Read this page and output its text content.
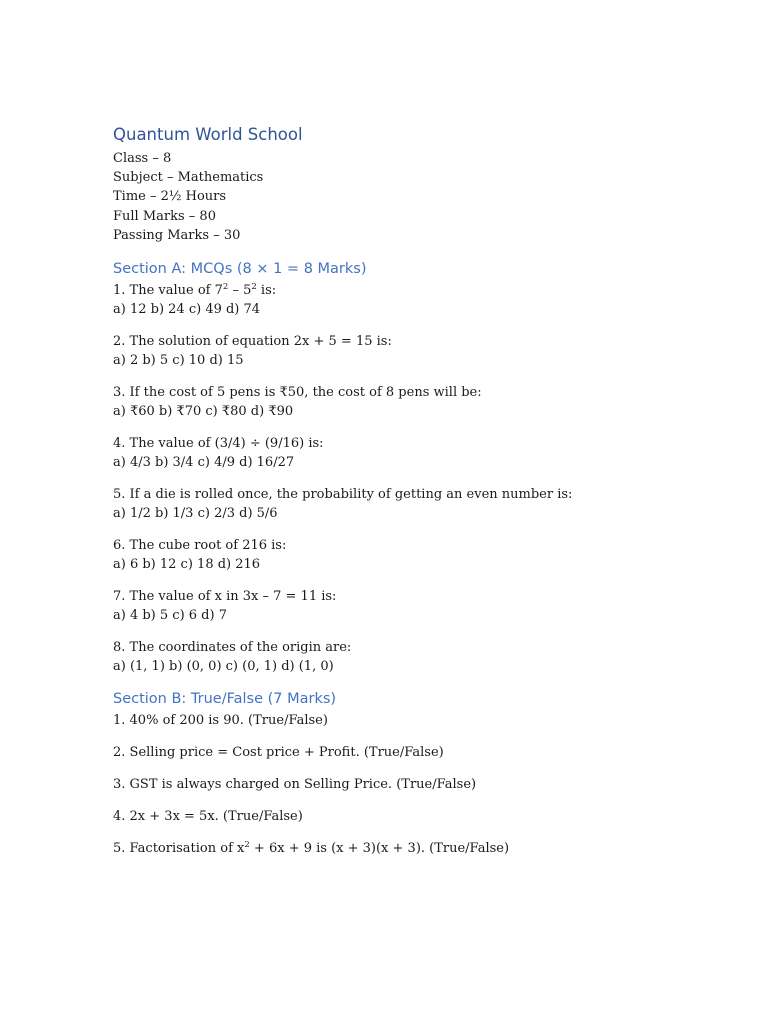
Quantum World School
Class – 8
Subject – Mathematics
Time – 2½ Hours
Full Marks – 80
Passing Marks – 30
Section A: MCQs (8 × 1 = 8 Marks)
1. The value of $7^2 - 5^2$ is:
a) 12 b) 24 c) 49 d) 74
2. The solution of equation 2x + 5 = 15 is:
a) 2 b) 5 c) 10 d) 15
3. If the cost of 5 pens is ₹50, the cost of 8 pens will be:
a) ₹60 b) ₹70 c) ₹80 d) ₹90
4. The value of (3/4) ÷ (9/16) is:
a) 4/3 b) 3/4 c) 4/9 d) 16/27
5. If a die is rolled once, the probability of getting an even number is:
a) 1/2 b) 1/3 c) 2/3 d) 5/6
6. The cube root of 216 is:
a) 6 b) 12 c) 18 d) 216
7. The value of x in 3x – 7 = 11 is:
a) 4 b) 5 c) 6 d) 7
8. The coordinates of the origin are:
a) (1, 1) b) (0, 0) c) (0, 1) d) (1, 0)
Section B: True/False (7 Marks)
1. 40% of 200 is 90. (True/False)
2. Selling price = Cost price + Profit. (True/False)
3. GST is always charged on Selling Price. (True/False)
4. 2x + 3x = 5x. (True/False)
5. Factorisation of $x^2 + 6x + 9$ is (x + 3)(x + 3). (True/False)
